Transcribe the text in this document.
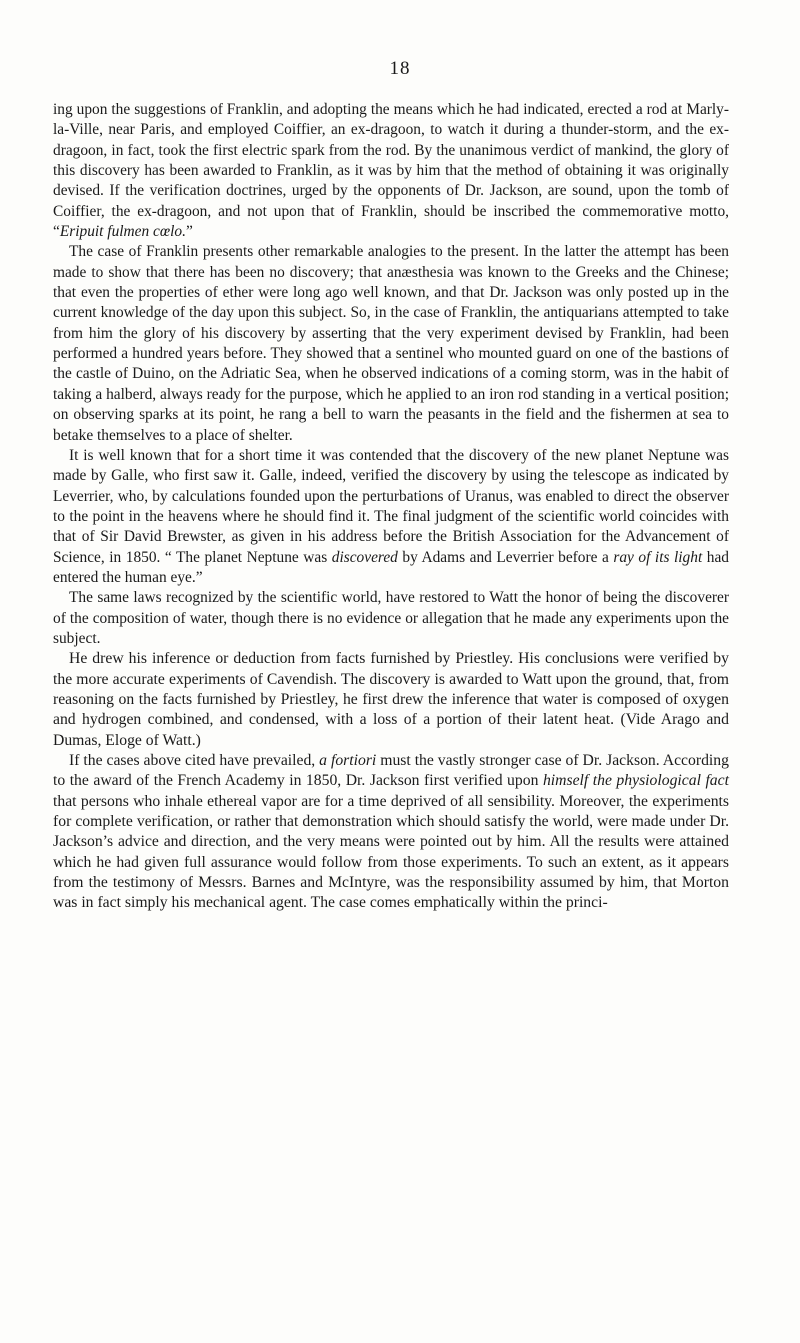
18

ing upon the suggestions of Franklin, and adopting the means which he had indicated, erected a rod at Marly-la-Ville, near Paris, and employed Coiffier, an ex-dragoon, to watch it during a thunder-storm, and the ex-dragoon, in fact, took the first electric spark from the rod. By the unanimous verdict of mankind, the glory of this discovery has been awarded to Franklin, as it was by him that the method of obtaining it was originally devised. If the verification doctrines, urged by the opponents of Dr. Jackson, are sound, upon the tomb of Coiffier, the ex-dragoon, and not upon that of Franklin, should be inscribed the commemorative motto, “Eripuit fulmen cœlo.”

The case of Franklin presents other remarkable analogies to the present. In the latter the attempt has been made to show that there has been no discovery; that anæsthesia was known to the Greeks and the Chinese; that even the properties of ether were long ago well known, and that Dr. Jackson was only posted up in the current knowledge of the day upon this subject. So, in the case of Franklin, the antiquarians attempted to take from him the glory of his discovery by asserting that the very experiment devised by Franklin, had been performed a hundred years before. They showed that a sentinel who mounted guard on one of the bastions of the castle of Duino, on the Adriatic Sea, when he observed indications of a coming storm, was in the habit of taking a halberd, always ready for the purpose, which he applied to an iron rod standing in a vertical position; on observing sparks at its point, he rang a bell to warn the peasants in the field and the fishermen at sea to betake themselves to a place of shelter.

It is well known that for a short time it was contended that the discovery of the new planet Neptune was made by Galle, who first saw it. Galle, indeed, verified the discovery by using the telescope as indicated by Leverrier, who, by calculations founded upon the perturbations of Uranus, was enabled to direct the observer to the point in the heavens where he should find it. The final judgment of the scientific world coincides with that of Sir David Brewster, as given in his address before the British Association for the Advancement of Science, in 1850. “ The planet Neptune was discovered by Adams and Leverrier before a ray of its light had entered the human eye.”

The same laws recognized by the scientific world, have restored to Watt the honor of being the discoverer of the composition of water, though there is no evidence or allegation that he made any experiments upon the subject.

He drew his inference or deduction from facts furnished by Priestley. His conclusions were verified by the more accurate experiments of Cavendish. The discovery is awarded to Watt upon the ground, that, from reasoning on the facts furnished by Priestley, he first drew the inference that water is composed of oxygen and hydrogen combined, and condensed, with a loss of a portion of their latent heat. (Vide Arago and Dumas, Eloge of Watt.)

If the cases above cited have prevailed, a fortiori must the vastly stronger case of Dr. Jackson. According to the award of the French Academy in 1850, Dr. Jackson first verified upon himself the physiological fact that persons who inhale ethereal vapor are for a time deprived of all sensibility. Moreover, the experiments for complete verification, or rather that demonstration which should satisfy the world, were made under Dr. Jackson’s advice and direction, and the very means were pointed out by him. All the results were attained which he had given full assurance would follow from those experiments. To such an extent, as it appears from the testimony of Messrs. Barnes and McIntyre, was the responsibility assumed by him, that Morton was in fact simply his mechanical agent. The case comes emphatically within the princi-
